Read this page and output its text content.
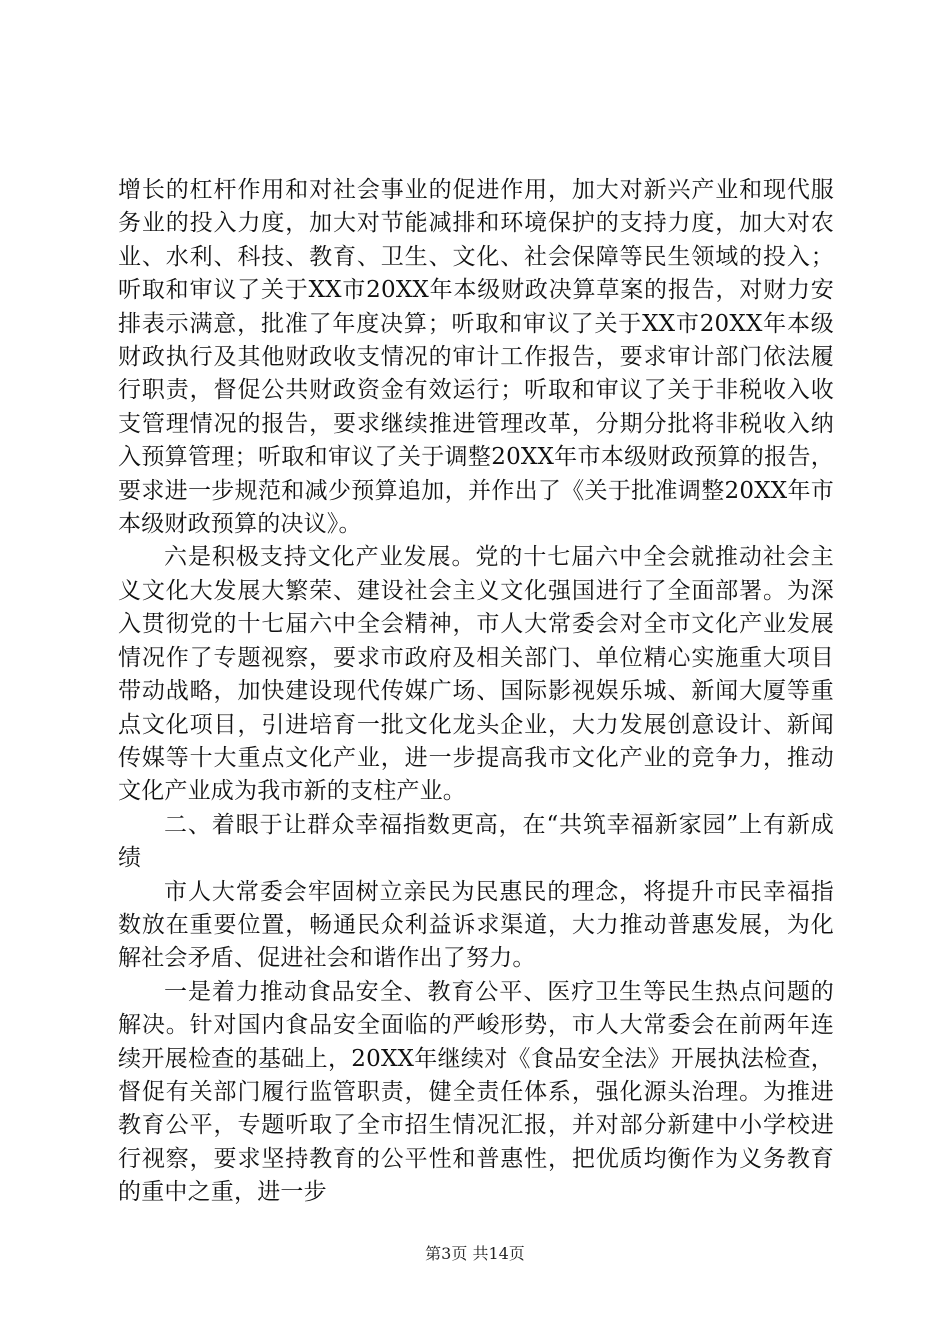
增长的杠杆作用和对社会事业的促进作用，加大对新兴产业和现代服务业的投入力度，加大对节能减排和环境保护的支持力度，加大对农业、水利、科技、教育、卫生、文化、社会保障等民生领域的投入；听取和审议了关于XX市20XX年本级财政决算草案的报告，对财力安排表示满意，批准了年度决算；听取和审议了关于XX市20XX年本级财政执行及其他财政收支情况的审计工作报告，要求审计部门依法履行职责，督促公共财政资金有效运行；听取和审议了关于非税收入收支管理情况的报告，要求继续推进管理改革，分期分批将非税收入纳入预算管理；听取和审议了关于调整20XX年市本级财政预算的报告，要求进一步规范和减少预算追加，并作出了《关于批准调整20XX年市本级财政预算的决议》。

六是积极支持文化产业发展。党的十七届六中全会就推动社会主义文化大发展大繁荣、建设社会主义文化强国进行了全面部署。为深入贯彻党的十七届六中全会精神，市人大常委会对全市文化产业发展情况作了专题视察，要求市政府及相关部门、单位精心实施重大项目带动战略，加快建设现代传媒广场、国际影视娱乐城、新闻大厦等重点文化项目，引进培育一批文化龙头企业，大力发展创意设计、新闻传媒等十大重点文化产业，进一步提高我市文化产业的竞争力，推动文化产业成为我市新的支柱产业。

二、着眼于让群众幸福指数更高，在“共筑幸福新家园”上有新成绩

市人大常委会牢固树立亲民为民惠民的理念，将提升市民幸福指数放在重要位置，畅通民众利益诉求渠道，大力推动普惠发展，为化解社会矛盾、促进社会和谐作出了努力。

一是着力推动食品安全、教育公平、医疗卫生等民生热点问题的解决。针对国内食品安全面临的严峻形势，市人大常委会在前两年连续开展检查的基础上，20XX年继续对《食品安全法》开展执法检查，督促有关部门履行监管职责，健全责任体系，强化源头治理。为推进教育公平，专题听取了全市招生情况汇报，并对部分新建中小学校进行视察，要求坚持教育的公平性和普惠性，把优质均衡作为义务教育的重中之重，进一步

第3页 共14页
